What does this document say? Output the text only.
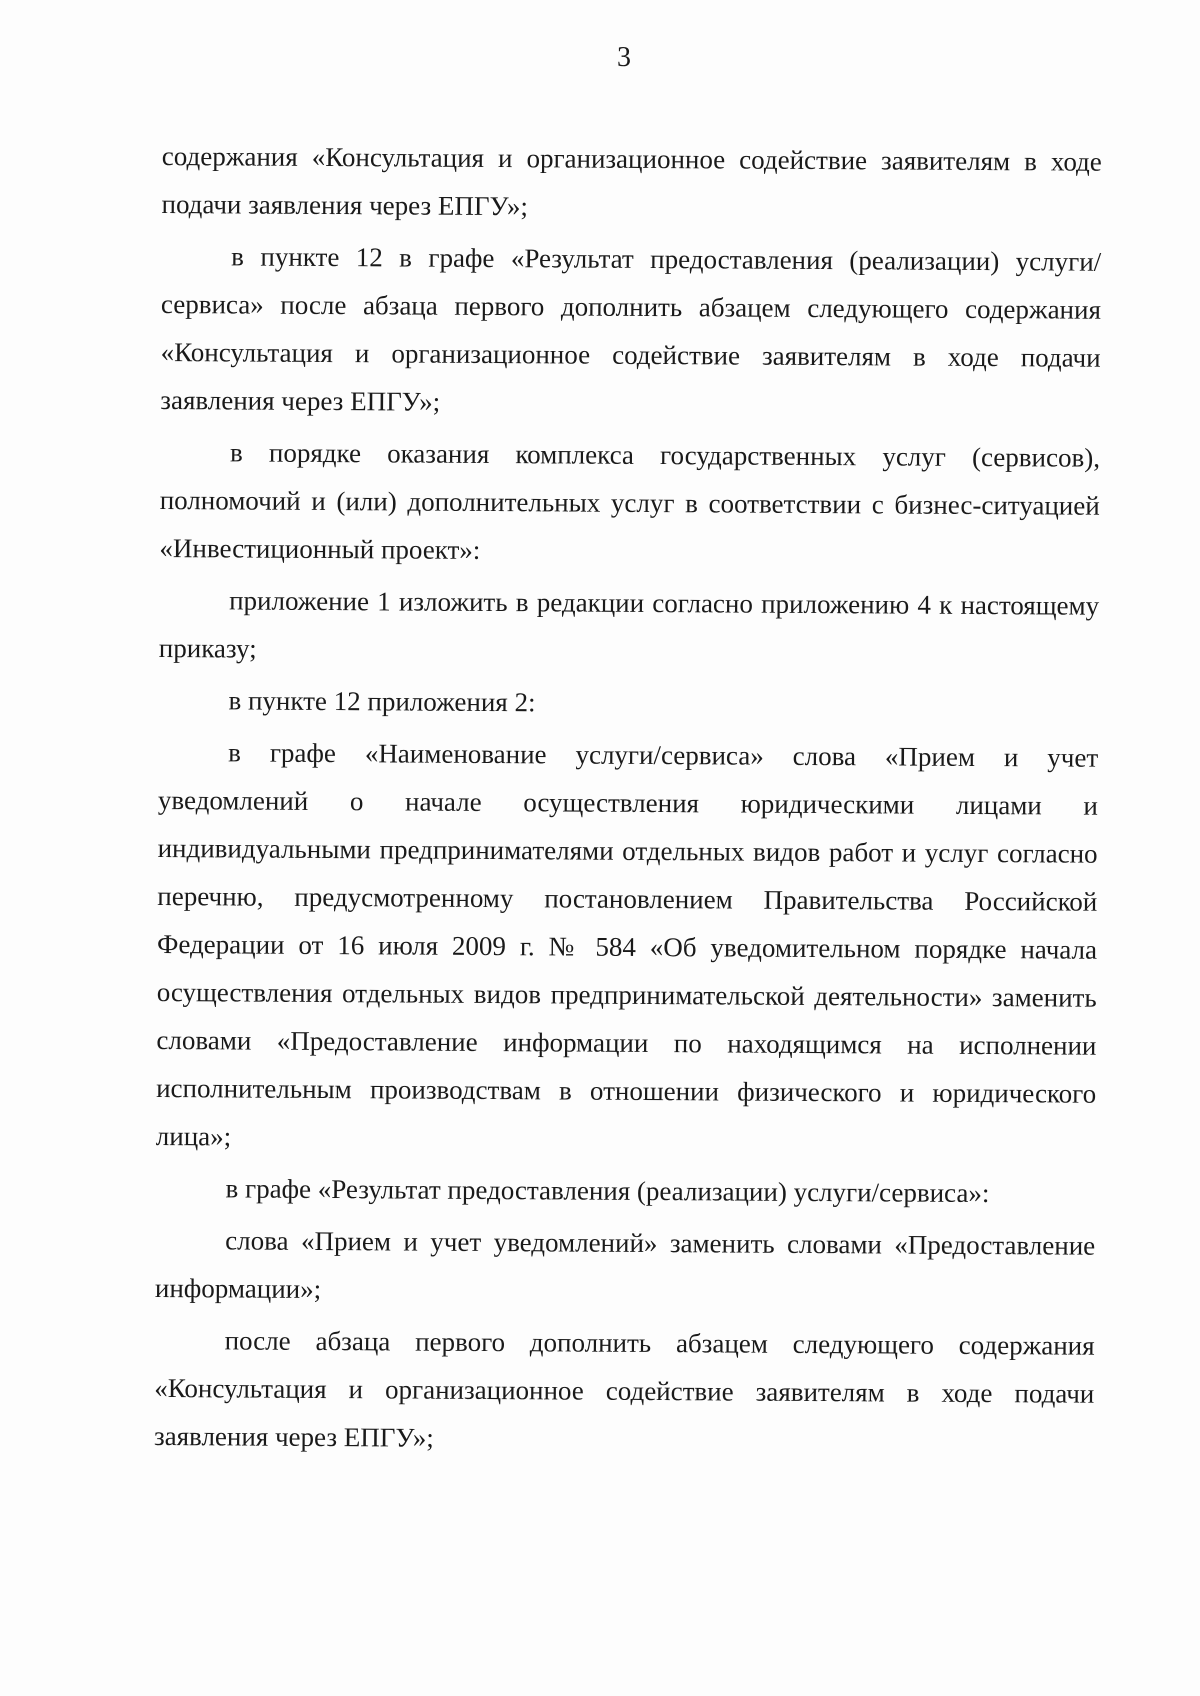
3

содержания «Консультация и организационное содействие заявителям в ходе подачи заявления через ЕПГУ»;

в пункте 12 в графе «Результат предоставления (реализации) услуги/сервиса» после абзаца первого дополнить абзацем следующего содержания «Консультация и организационное содействие заявителям в ходе подачи заявления через ЕПГУ»;

в порядке оказания комплекса государственных услуг (сервисов), полномочий и (или) дополнительных услуг в соответствии с бизнес-ситуацией «Инвестиционный проект»:

приложение 1 изложить в редакции согласно приложению 4 к настоящему приказу;

в пункте 12 приложения 2:

в графе «Наименование услуги/сервиса» слова «Прием и учет уведомлений о начале осуществления юридическими лицами и индивидуальными предпринимателями отдельных видов работ и услуг согласно перечню, предусмотренному постановлением Правительства Российской Федерации от 16 июля 2009 г. № 584 «Об уведомительном порядке начала осуществления отдельных видов предпринимательской деятельности» заменить словами «Предоставление информации по находящимся на исполнении исполнительным производствам в отношении физического и юридического лица»;

в графе «Результат предоставления (реализации) услуги/сервиса»:

слова «Прием и учет уведомлений» заменить словами «Предоставление информации»;

после абзаца первого дополнить абзацем следующего содержания «Консультация и организационное содействие заявителям в ходе подачи заявления через ЕПГУ»;
